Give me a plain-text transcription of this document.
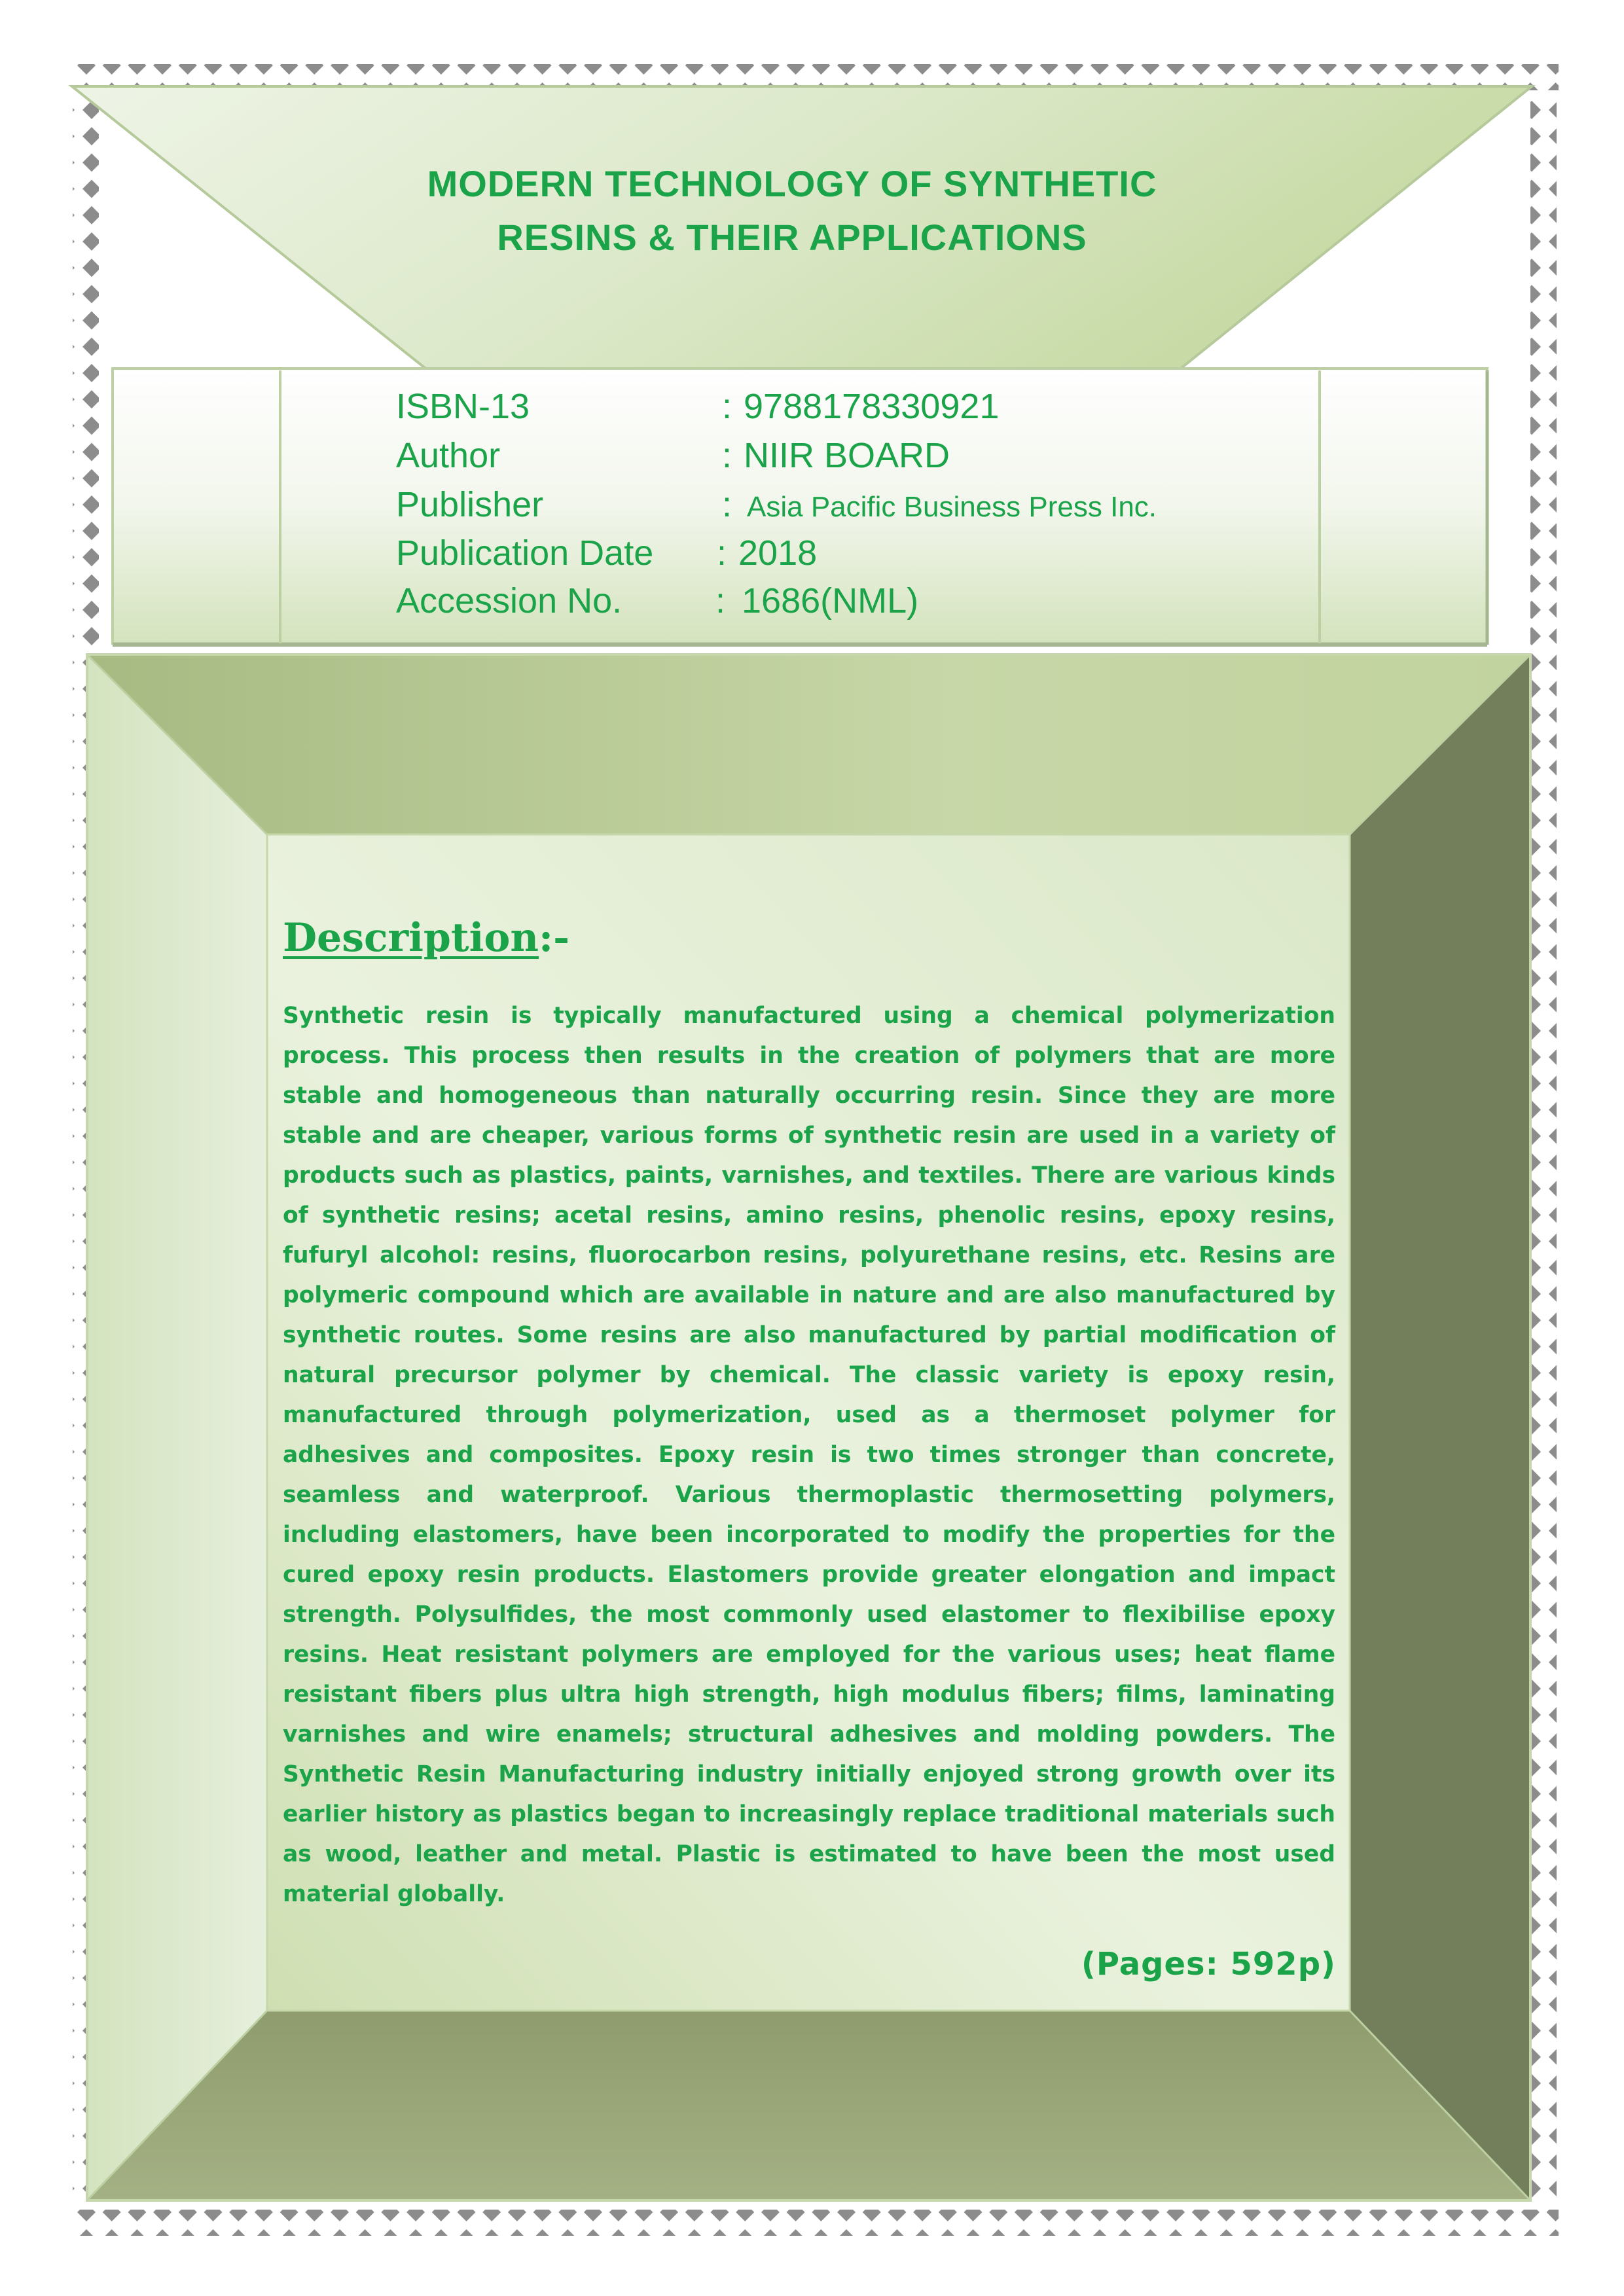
MODERN TECHNOLOGY OF SYNTHETIC
RESINS & THEIR APPLICATIONS
ISBN-13	: 9788178330921
Author	: NIIR BOARD
Publisher	: Asia Pacific Business Press Inc.
Publication Date : 2018
Accession No.	: 1686(NML)
Description:-

Synthetic resin is typically manufactured using a chemical polymerization process. This process then results in the creation of polymers that are more stable and homogeneous than naturally occurring resin. Since they are more stable and are cheaper, various forms of synthetic resin are used in a variety of products such as plastics, paints, varnishes, and textiles. There are various kinds of synthetic resins; acetal resins, amino resins, phenolic resins, epoxy resins, fufuryl alcohol: resins, fluorocarbon resins, polyurethane resins, etc. Resins are polymeric compound which are available in nature and are also manufactured by synthetic routes. Some resins are also manufactured by partial modification of natural precursor polymer by chemical. The classic variety is epoxy resin, manufactured through polymerization, used as a thermoset polymer for adhesives and composites. Epoxy resin is two times stronger than concrete, seamless and waterproof. Various thermoplastic thermosetting polymers, including elastomers, have been incorporated to modify the properties for the cured epoxy resin products. Elastomers provide greater elongation and impact strength. Polysulfides, the most commonly used elastomer to flexibilise epoxy resins. Heat resistant polymers are employed for the various uses; heat flame resistant fibers plus ultra high strength, high modulus fibers; films, laminating varnishes and wire enamels; structural adhesives and molding powders. The Synthetic Resin Manufacturing industry initially enjoyed strong growth over its earlier history as plastics began to increasingly replace traditional materials such as wood, leather and metal. Plastic is estimated to have been the most used material globally.

(Pages: 592p)
